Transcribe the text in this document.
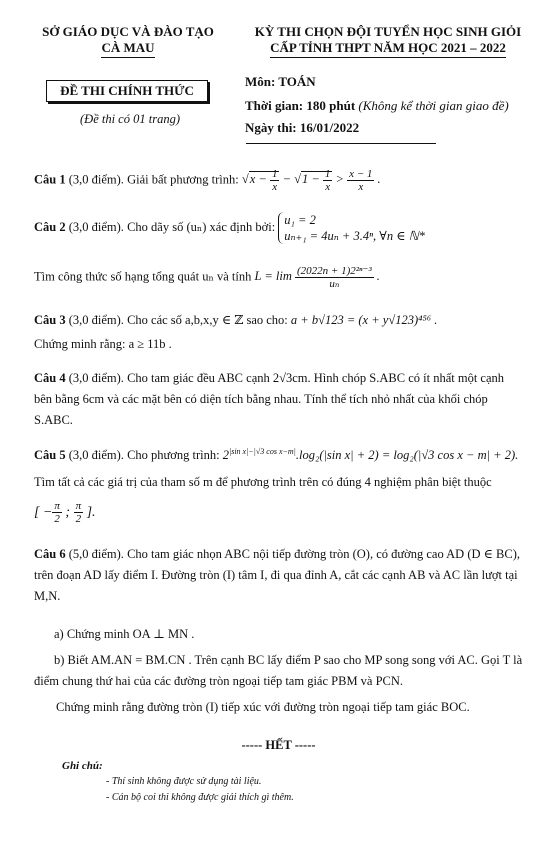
SỞ GIÁO DỤC VÀ ĐÀO TẠO
CÀ MAU
KỲ THI CHỌN ĐỘI TUYỂN HỌC SINH GIỎI
CẤP TỈNH THPT NĂM HỌC 2021 – 2022
ĐỀ THI CHÍNH THỨC
(Đề thi có 01 trang)
Môn: TOÁN
Thời gian: 180 phút (Không kể thời gian giao đề)
Ngày thi: 16/01/2022
Câu 1 (3,0 điểm). Giải bất phương trình: $√x - \frac{1}{x} - √1 - \frac{1}{x} > \frac{x - 1}{x}$ .
Câu 2 (3,0 điểm). Cho dãy số (uₙ) xác định bởi: u₁ = 2
uₙ₊₁ = 4uₙ + 3.4ⁿ, ∀n ∈ ℕ*
Tìm công thức số hạng tổng quát uₙ và tính $L = \lim \frac{\text{(2022n + 1)2²ⁿ⁻³}}{\text{uₙ}}$ .
Câu 3 (3,0 điểm). Cho các số a,b,x,y ∈ ℤ sao cho: a + b√123 = (x + y√123)⁴⁵⁶ .
Chứng minh rằng: a ≥ 11b .
Câu 4 (3,0 điểm). Cho tam giác đều ABC cạnh 2√3cm. Hình chóp S.ABC có ít nhất một cạnh bên bằng 6cm và các mặt bên có diện tích bằng nhau. Tính thể tích nhỏ nhất của khối chóp S.ABC.
Câu 5 (3,0 điểm). Cho phương trình: $2^{|sin x|-|√3 cos x-m|}.\log_2(|\sin$ x| + 2) = log₂(|√3 cos x − m| + 2).
Tìm tất cả các giá trị của tham số m để phương trình trên có đúng 4 nghiệm phân biệt thuộc
[ − $\frac{\pi}{2}$ ; $\frac{\pi}{2}$ ].
Câu 6 (5,0 điểm). Cho tam giác nhọn ABC nội tiếp đường tròn (O), có đường cao AD (D ∈ BC), trên đoạn AD lấy điểm I. Đường tròn (I) tâm I, đi qua đỉnh A, cắt các cạnh AB và AC lần lượt tại M,N.
a) Chứng minh OA ⊥ MN .
b) Biết AM.AN = BM.CN . Trên cạnh BC lấy điểm P sao cho MP song song với AC. Gọi T là điểm chung thứ hai của các đường tròn ngoại tiếp tam giác PBM và PCN.
Chứng minh rằng đường tròn (I) tiếp xúc với đường tròn ngoại tiếp tam giác BOC.
----- HẾT -----
Ghi chú:
- Thí sinh không được sử dụng tài liệu.
- Cán bộ coi thi không được giải thích gì thêm.
